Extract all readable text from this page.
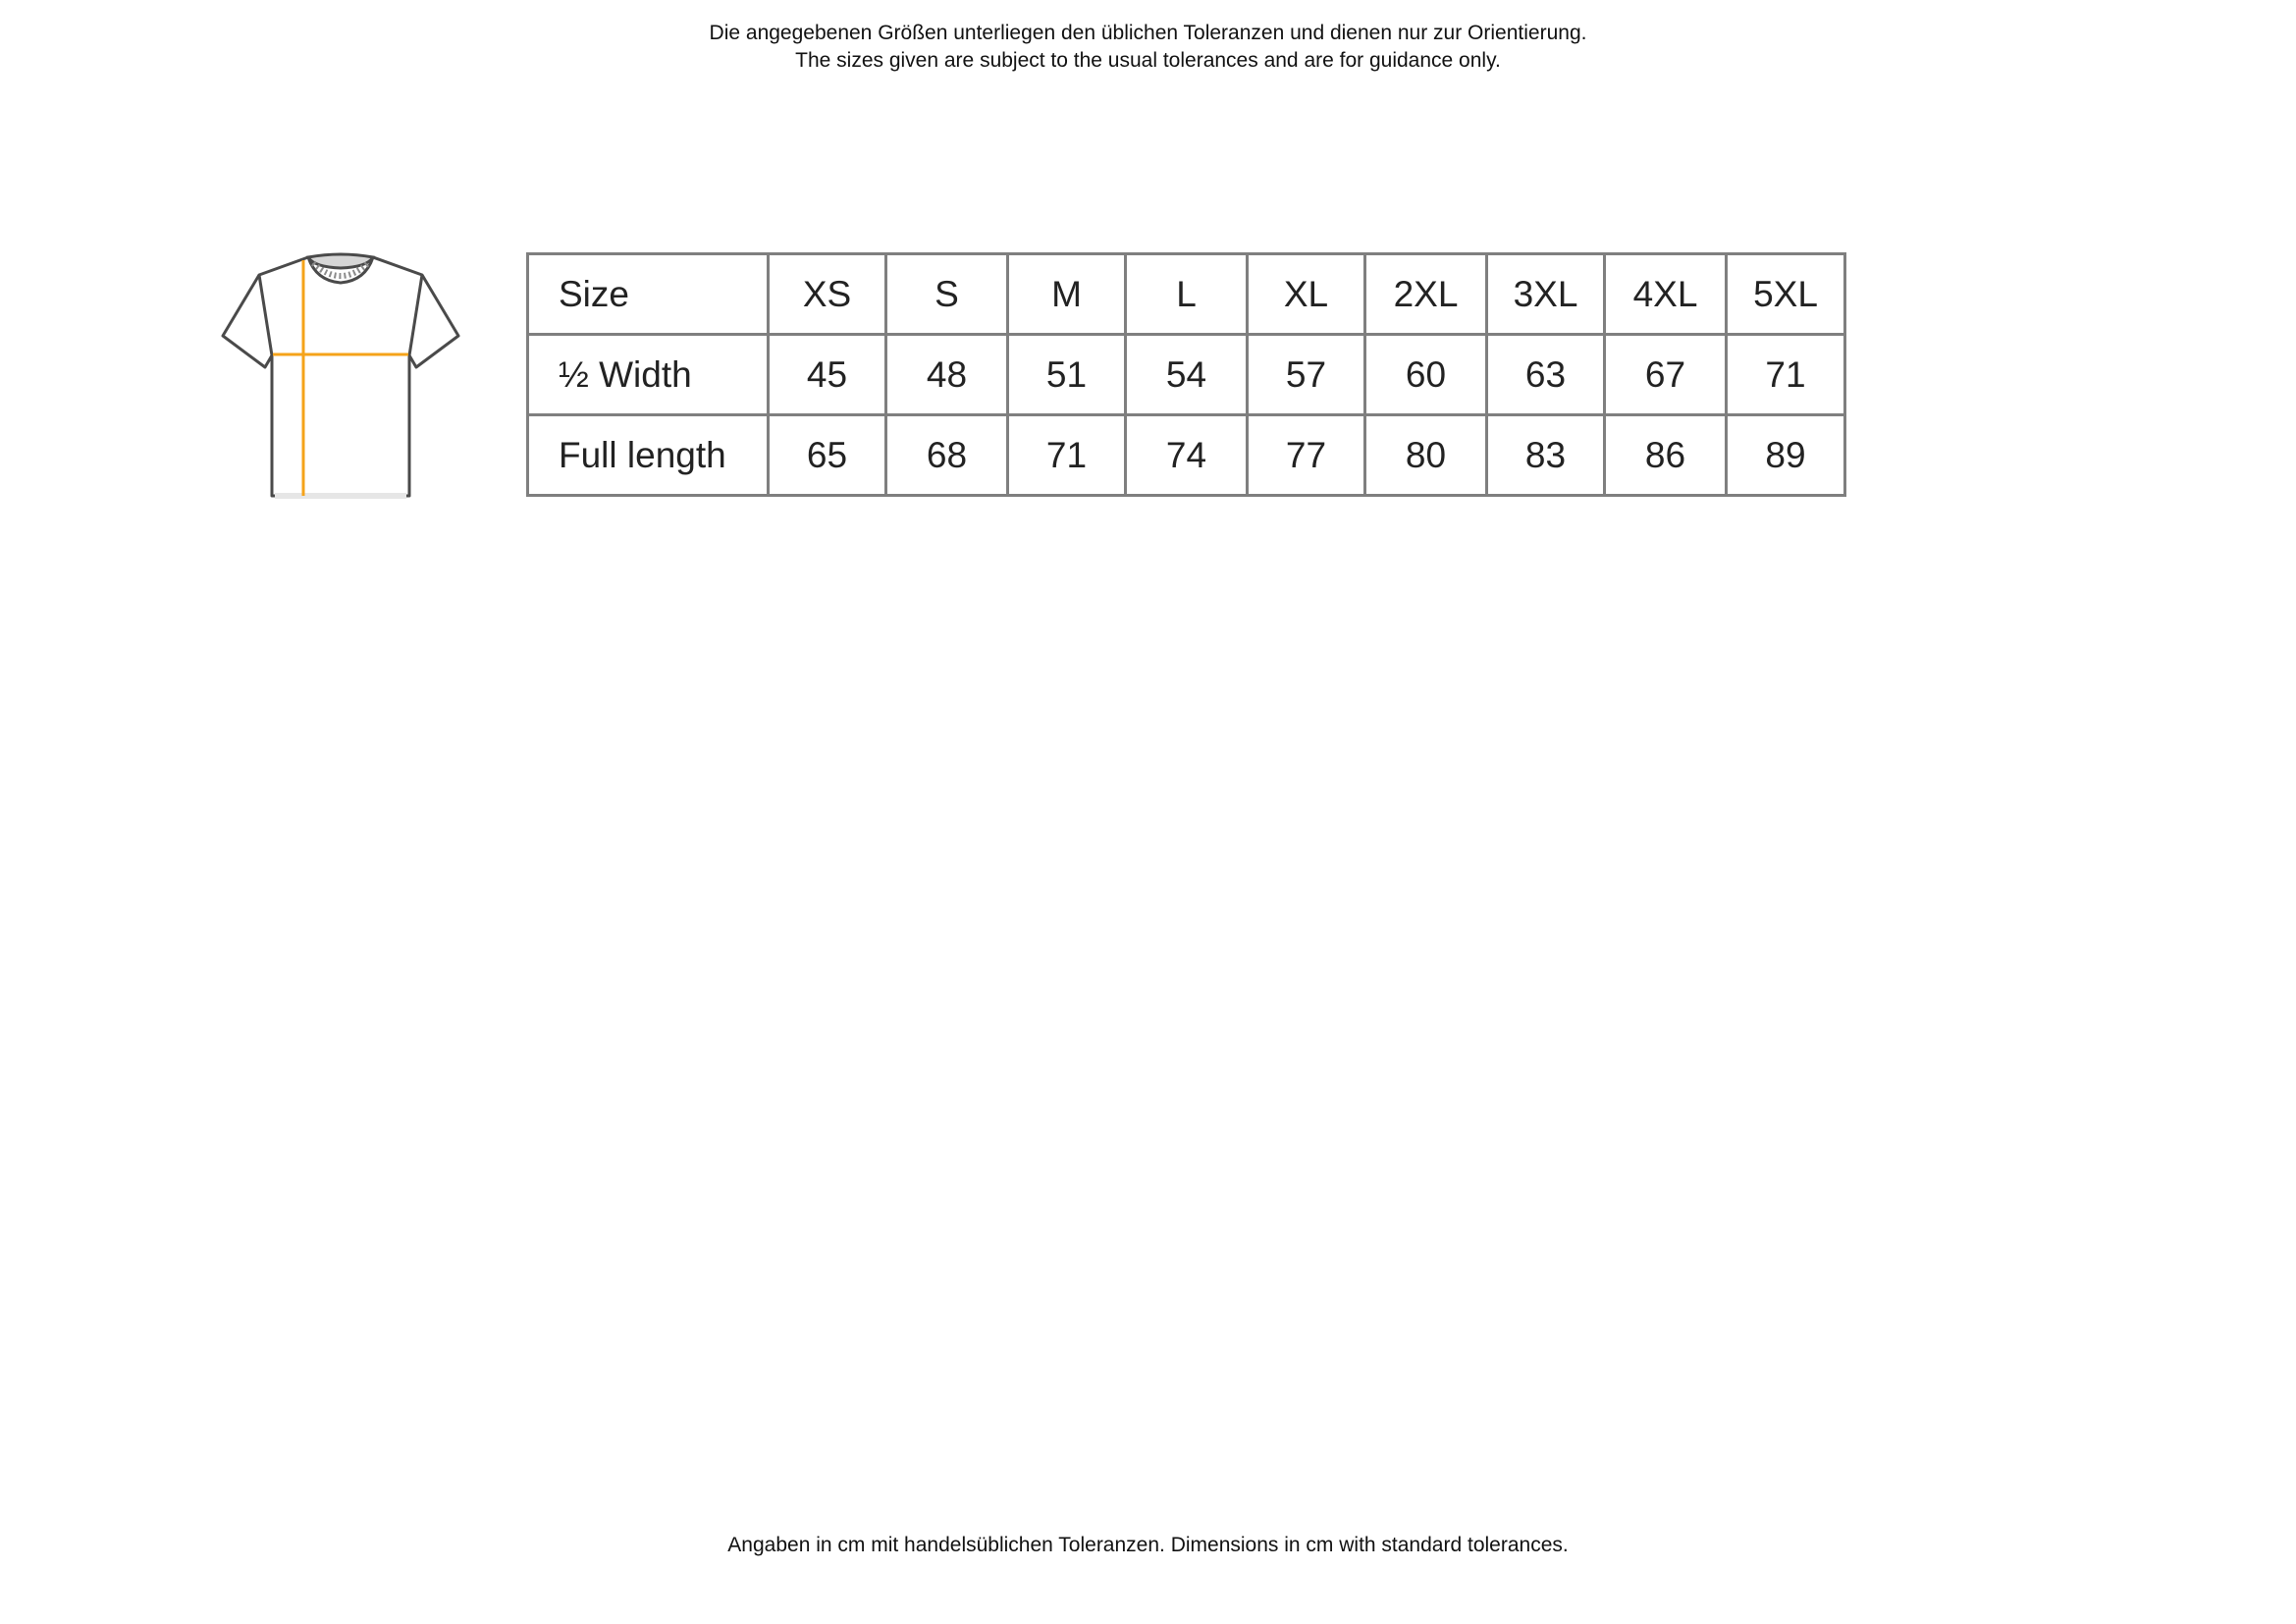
Die angegebenen Größen unterliegen den üblichen Toleranzen und dienen nur zur Orientierung.
The sizes given are subject to the usual tolerances and are for guidance only.
Size	XS	S	M	L	XL	2XL	3XL	4XL	5XL
½ Width	45	48	51	54	57	60	63	67	71
Full length	65	68	71	74	77	80	83	86	89
Angaben in cm mit handelsüblichen Toleranzen. Dimensions in cm with standard tolerances.
